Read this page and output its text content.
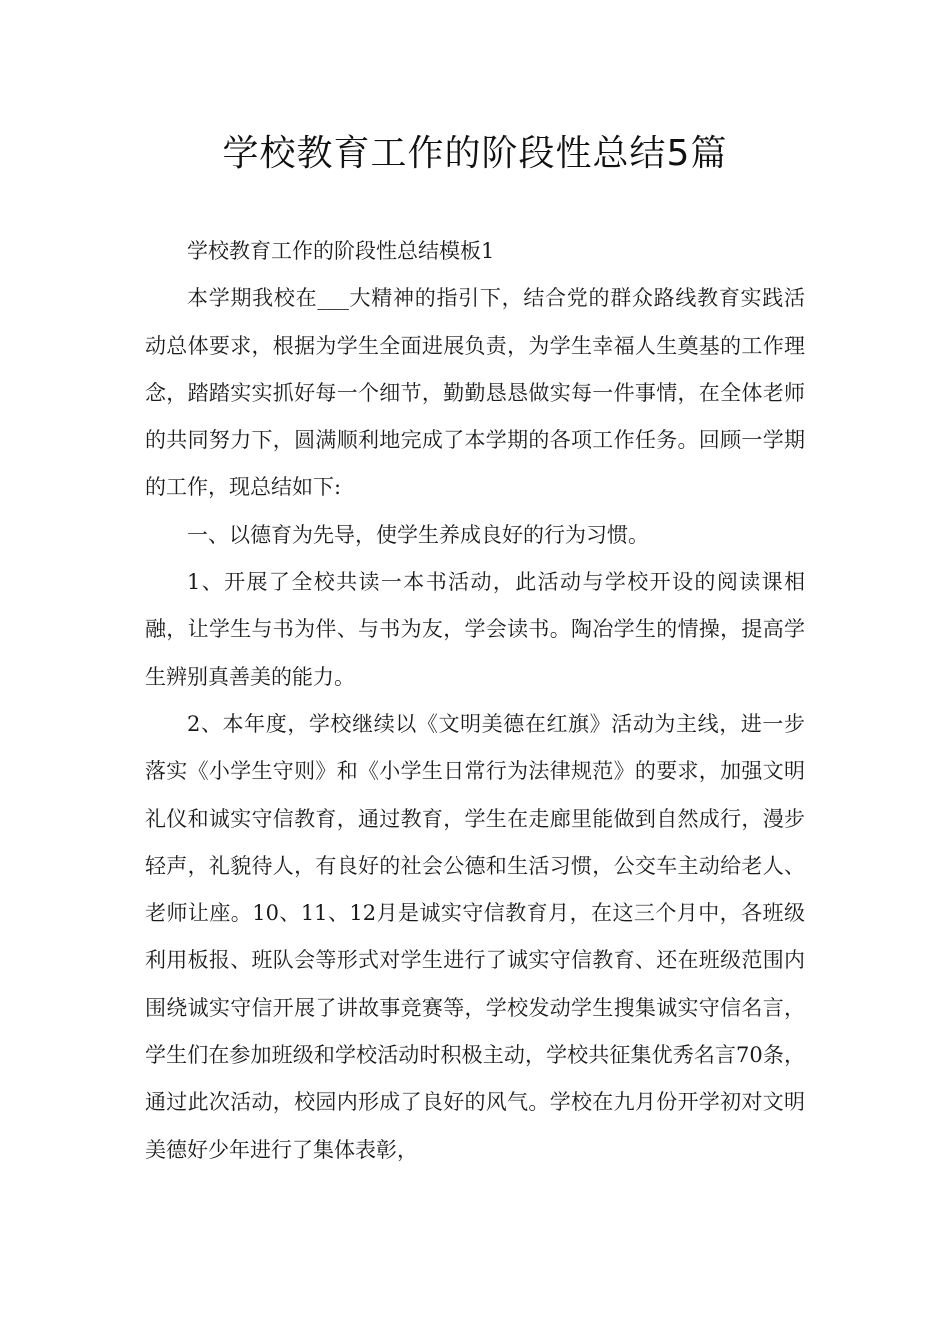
学校教育工作的阶段性总结5篇

学校教育工作的阶段性总结模板1

本学期我校在___大精神的指引下，结合党的群众路线教育实践活动总体要求，根据为学生全面进展负责，为学生幸福人生奠基的工作理念，踏踏实实抓好每一个细节，勤勤恳恳做实每一件事情，在全体老师的共同努力下，圆满顺利地完成了本学期的各项工作任务。回顾一学期的工作，现总结如下:

一、以德育为先导，使学生养成良好的行为习惯。

1、开展了全校共读一本书活动，此活动与学校开设的阅读课相融，让学生与书为伴、与书为友，学会读书。陶冶学生的情操，提高学生辨别真善美的能力。

2、本年度，学校继续以《文明美德在红旗》活动为主线，进一步落实《小学生守则》和《小学生日常行为法律规范》的要求，加强文明礼仪和诚实守信教育，通过教育，学生在走廊里能做到自然成行，漫步轻声，礼貌待人，有良好的社会公德和生活习惯，公交车主动给老人、老师让座。10、11、12月是诚实守信教育月，在这三个月中，各班级利用板报、班队会等形式对学生进行了诚实守信教育、还在班级范围内围绕诚实守信开展了讲故事竞赛等，学校发动学生搜集诚实守信名言，学生们在参加班级和学校活动时积极主动，学校共征集优秀名言70条，通过此次活动，校园内形成了良好的风气。学校在九月份开学初对文明美德好少年进行了集体表彰，
